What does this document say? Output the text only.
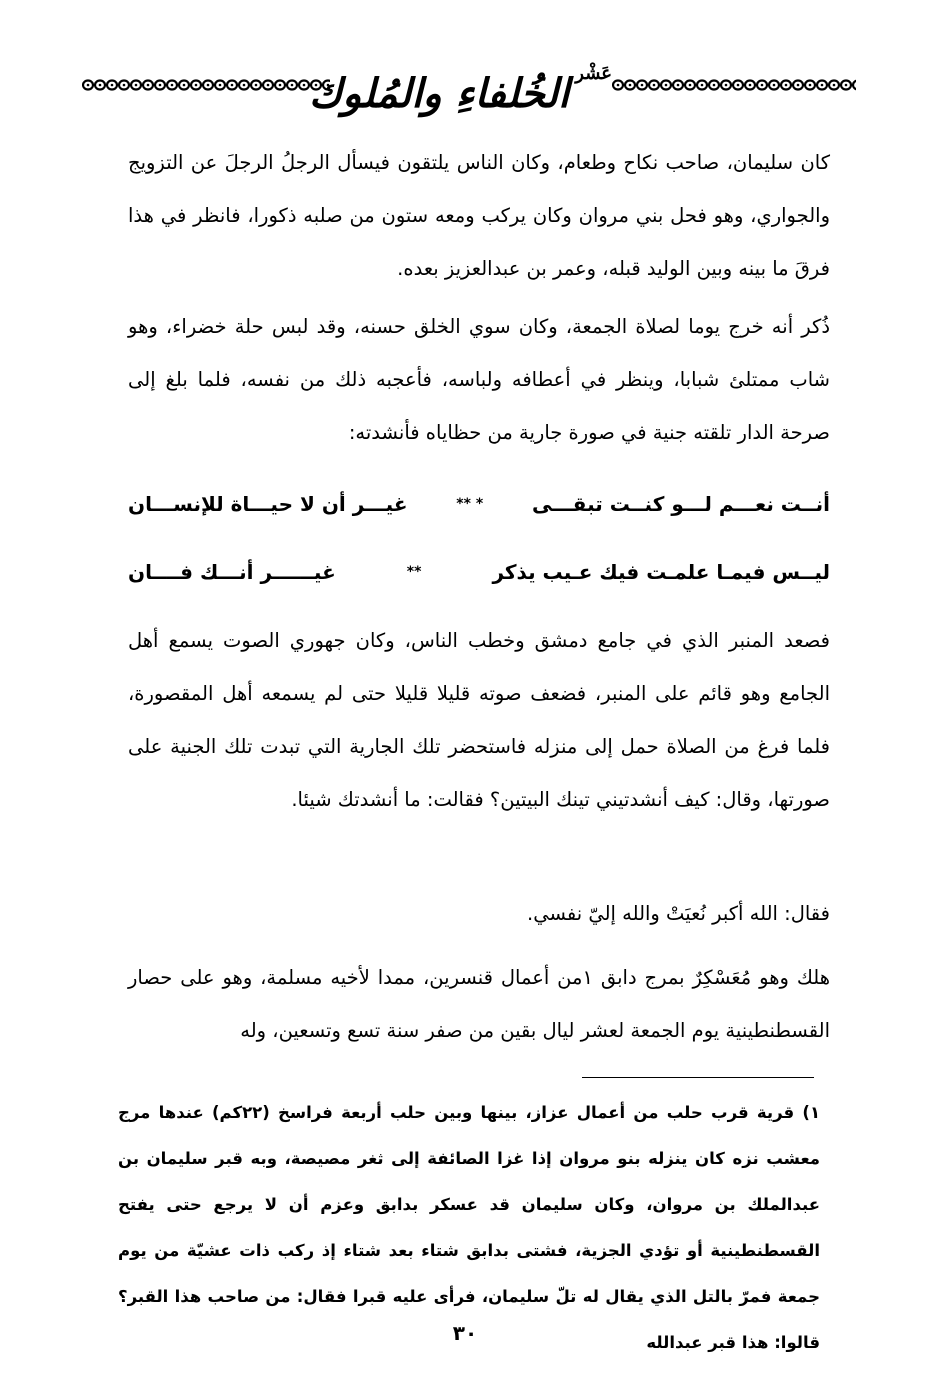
$^{عَشْر}$الخُلفاءِ والمُلوك

كان سليمان، صاحب نكاح وطعام، وكان الناس يلتقون فيسأل الرجلُ الرجلَ عن التزويج والجواري، وهو فحل بني مروان وكان يركب ومعه ستون من صلبه ذكورا، فانظر في هذا فرقَ ما بينه وبين الوليد قبله، وعمر بن عبدالعزيز بعده.

ذُكر أنه خرج يوما لصلاة الجمعة، وكان سوي الخلق حسنه، وقد لبس حلة خضراء، وهو شاب ممتلئ شبابا، وينظر في أعطافه ولباسه، فأعجبه ذلك من نفسه، فلما بلغ إلى صرحة الدار تلقته جنية في صورة جارية من حظاياه فأنشدته:

أنــت نعـــم لـــو كنــت تبقـــى
* **
غيـــر أن لا حيـــاة للإنســـان
ليــس فيمـا علمـت فيك عـيب يذكر
**
غيــــــر أنـــك فــــان

فصعد المنبر الذي في جامع دمشق وخطب الناس، وكان جهوري الصوت يسمع أهل الجامع وهو قائم على المنبر، فضعف صوته قليلا قليلا حتى لم يسمعه أهل المقصورة، فلما فرغ من الصلاة حمل إلى منزله فاستحضر تلك الجارية التي تبدت تلك الجنية على صورتها، وقال: كيف أنشدتيني تينك البيتين؟ فقالت: ما أنشدتك شيئا.

فقال: الله أكبر نُعيَتْ والله إليّ نفسي.

هلك وهو مُعَسْكِرٌ بمرج دابق ١من أعمال قنسرين، ممدا لأخيه مسلمة، وهو على حصار القسطنطينية يوم الجمعة لعشر ليال بقين من صفر سنة تسع وتسعين، وله

١) قرية قرب حلب من أعمال عزاز، بينها وبين حلب أربعة فراسخ (٢٢كم) عندها مرج معشب نزه كان ينزله بنو مروان إذا غزا الصائفة إلى ثغر مصيصة، وبه قبر سليمان بن عبدالملك بن مروان، وكان سليمان قد عسكر بدابق وعزم أن لا يرجع حتى يفتح القسطنطينية أو تؤدي الجزية، فشتى بدابق شتاء بعد شتاء إذ ركب ذات عشيّة من يوم جمعة فمرّ بالتل الذي يقال له تلّ سليمان، فرأى عليه قبرا فقال: من صاحب هذا القبر؟ قالوا: هذا قبر عبدالله

٣٠
